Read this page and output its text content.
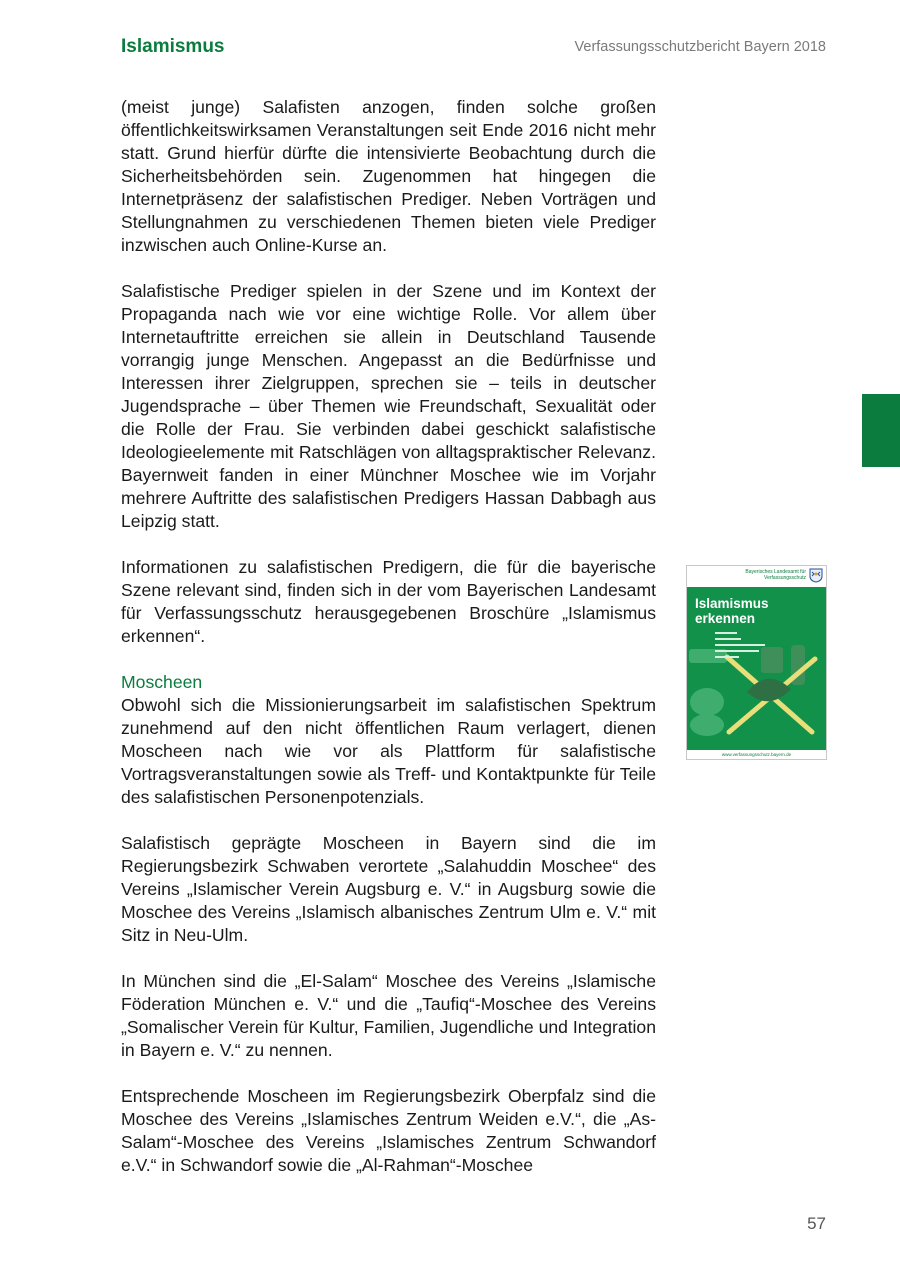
Islamismus	Verfassungsschutzbericht Bayern 2018

(meist junge) Salafisten anzogen, finden solche großen öffentlichkeitswirksamen Veranstaltungen seit Ende 2016 nicht mehr statt. Grund hierfür dürfte die intensivierte Beobachtung durch die Sicherheitsbehörden sein. Zugenommen hat hingegen die Internetpräsenz der salafistischen Prediger. Neben Vorträgen und Stellungnahmen zu verschiedenen Themen bieten viele Prediger inzwischen auch Online-Kurse an.

Salafistische Prediger spielen in der Szene und im Kontext der Propaganda nach wie vor eine wichtige Rolle. Vor allem über Internetauftritte erreichen sie allein in Deutschland Tausende vorrangig junge Menschen. Angepasst an die Bedürfnisse und Interessen ihrer Zielgruppen, sprechen sie – teils in deutscher Jugendsprache – über Themen wie Freundschaft, Sexualität oder die Rolle der Frau. Sie verbinden dabei geschickt salafistische Ideologieelemente mit Ratschlägen von alltagspraktischer Relevanz. Bayernweit fanden in einer Münchner Moschee wie im Vorjahr mehrere Auftritte des salafistischen Predigers Hassan Dabbagh aus Leipzig statt.

Informationen zu salafistischen Predigern, die für die bayerische Szene relevant sind, finden sich in der vom Bayerischen Landesamt für Verfassungsschutz herausgegebenen Broschüre „Islamismus erkennen“.

Moscheen

Obwohl sich die Missionierungsarbeit im salafistischen Spektrum zunehmend auf den nicht öffentlichen Raum verlagert, dienen Moscheen nach wie vor als Plattform für salafistische Vortragsveranstaltungen sowie als Treff- und Kontaktpunkte für Teile des salafistischen Personenpotenzials.

Salafistisch geprägte Moscheen in Bayern sind die im Regierungsbezirk Schwaben verortete „Salahuddin Moschee“ des Vereins „Islamischer Verein Augsburg e. V.“ in Augsburg sowie die Moschee des Vereins „Islamisch albanisches Zentrum Ulm e. V.“ mit Sitz in Neu-Ulm.

In München sind die „El-Salam“ Moschee des Vereins „Islamische Föderation München e. V.“ und die „Taufiq“-Moschee des Vereins „Somalischer Verein für Kultur, Familien, Jugendliche und Integration in Bayern e. V.“ zu nennen.

Entsprechende Moscheen im Regierungsbezirk Oberpfalz sind die Moschee des Vereins „Islamisches Zentrum Weiden e.V.“, die „As-Salam“-Moschee des Vereins „Islamisches Zentrum Schwandorf e.V.“ in Schwandorf sowie die „Al-Rahman“-Moschee

Bayerisches Landesamt für Verfassungsschutz
Islamismus erkennen
www.verfassungsschutz.bayern.de
57
